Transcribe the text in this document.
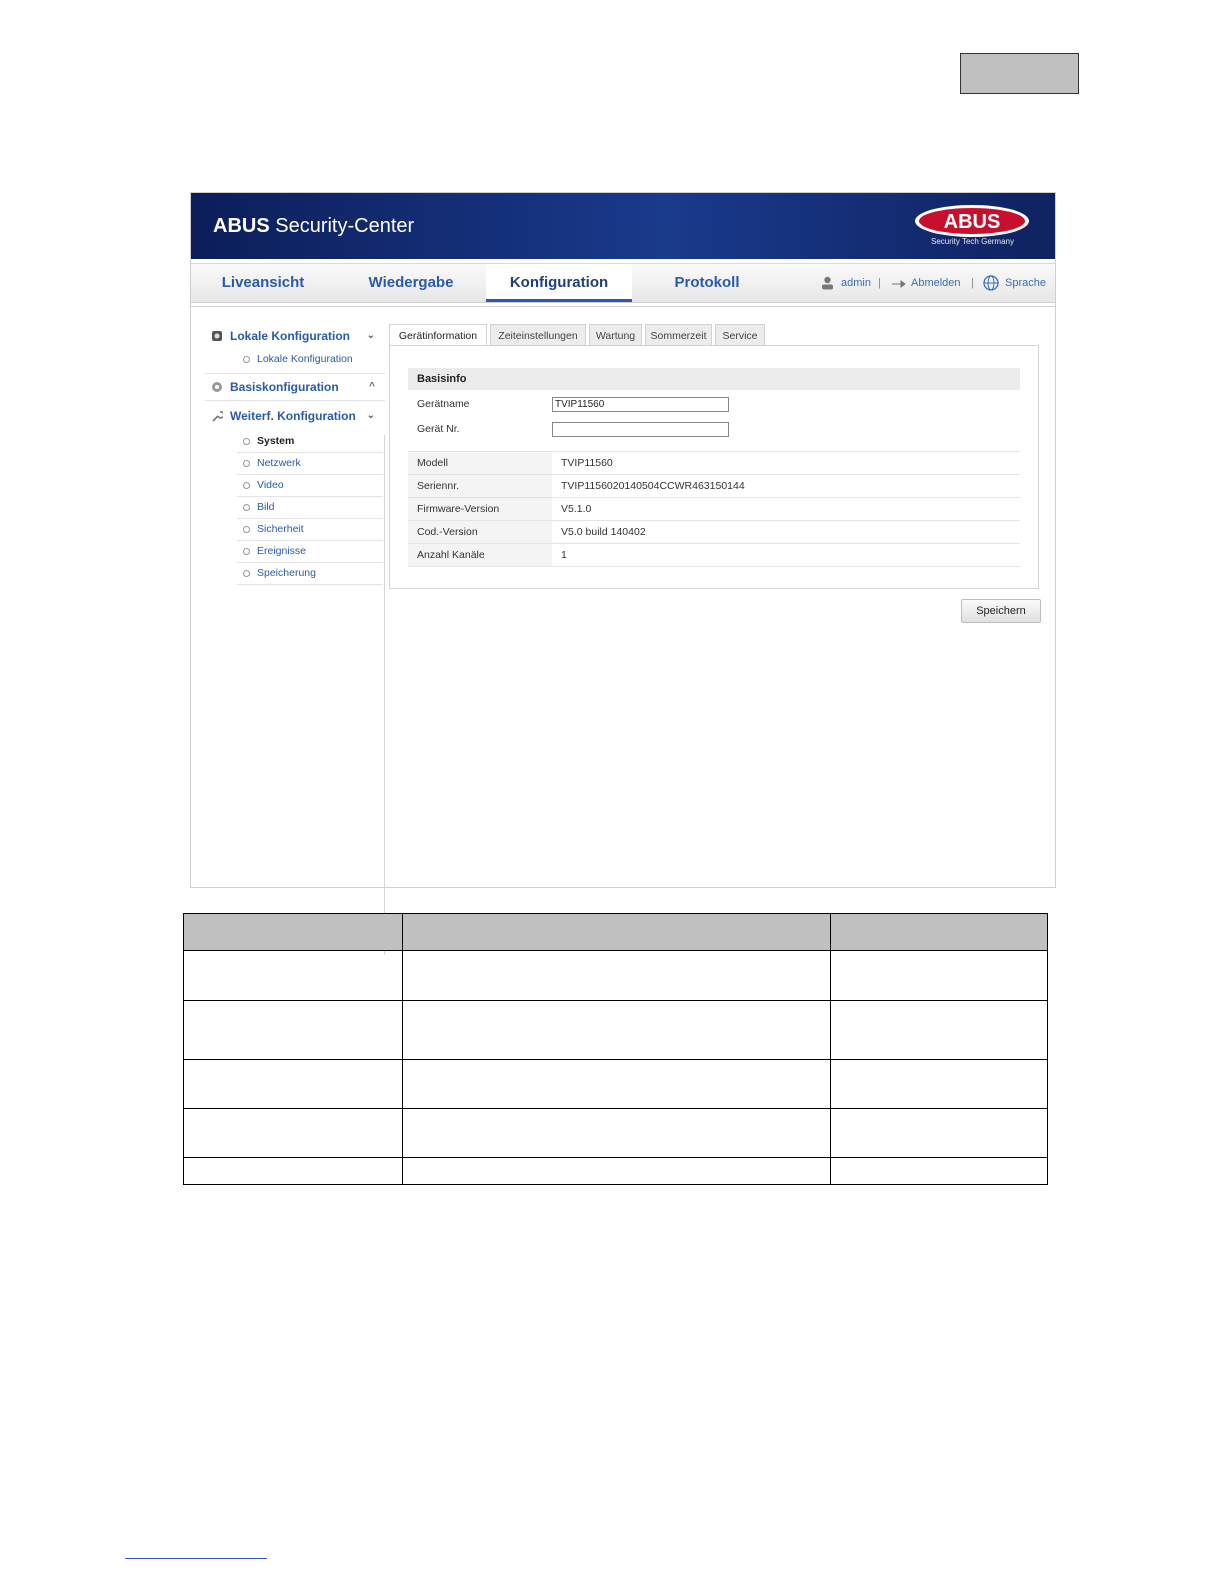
ABUS Security-Center	ABUS
Security Tech Germany
Liveansicht	Wiedergabe	Konfiguration	Protokoll	admin |	Abmelden |	Sprache
Lokale Konfiguration ⌄
Lokale Konfiguration
Basiskonfiguration	^
Weiterf. Konfiguration ⌄
System
Netzwerk
Video
Bild
Sicherheit
Ereignisse
Speicherung
Gerätinformation	Zeiteinstellungen	Wartung	Sommerzeit	Service
Basisinfo
Gerätname	TVIP11560
Gerät Nr.
Modell	TVIP11560
Seriennr.	TVIP1156020140504CCWR463150144
Firmware-Version	V5.1.0
Cod.-Version	V5.0 build 140402
Anzahl Kanäle	1
Speichern
